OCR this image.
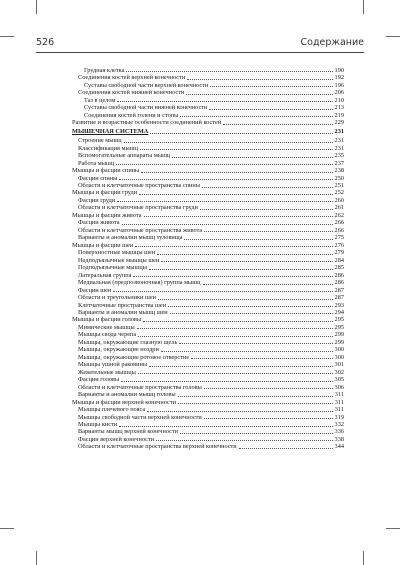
526	Содержание
Грудная клетка	190
Соединения костей верхней конечности	192
Суставы свободной части верхней конечности	196
Соединения костей нижней конечности	206
Таз в целом	210
Суставы свободной части нижней конечности	213
Соединения костей голени и стопы	219
Развитие и возрастные особенности соединений костей	229
МЫШЕЧНАЯ СИСТЕМА	231
Строение мышц	231
Классификация мышц	231
Вспомогательные аппараты мышц	235
Работа мышц	237
Мышцы и фасции спины	238
Фасции спины	250
Области и клетчаточные пространства спины	251
Мышцы и фасции груди	252
Фасции груди	260
Области и клетчаточные пространства груди	261
Мышцы и фасции живота	262
Фасции живота	266
Области и клетчаточные пространства живота	266
Варианты и аномалии мышц туловища	275
Мышцы и фасции шеи	276
Поверхностные мышцы шеи	279
Надподъязычные мышцы шеи	284
Подподъязычные мышцы	285
Латеральная группа	286
Медиальная (предпозвоночная) группа мышц	286
Фасции шеи	287
Области и треугольники шеи	287
Клетчаточные пространства шеи	293
Варианты и аномалии мышц шеи	294
Мышцы и фасции головы	295
Мимические мышцы	295
Мышцы свода черепа	299
Мышцы, окружающие глазную щель	299
Мышцы, окружающие ноздри	300
Мышцы, окружающие ротовое отверстие	300
Мышцы ушной раковины	301
Жевательные мышцы	302
Фасции головы	305
Области и клетчаточные пространства головы	306
Варианты и аномалии мышц головы	311
Мышцы и фасции верхней конечности	311
Мышцы плечевого пояса	311
Мышцы свободной части верхней конечности	319
Мышцы кисти	332
Варианты мышц верхней конечности	336
Фасции верхней конечности	338
Области и клетчаточные пространства верхней конечности	344
